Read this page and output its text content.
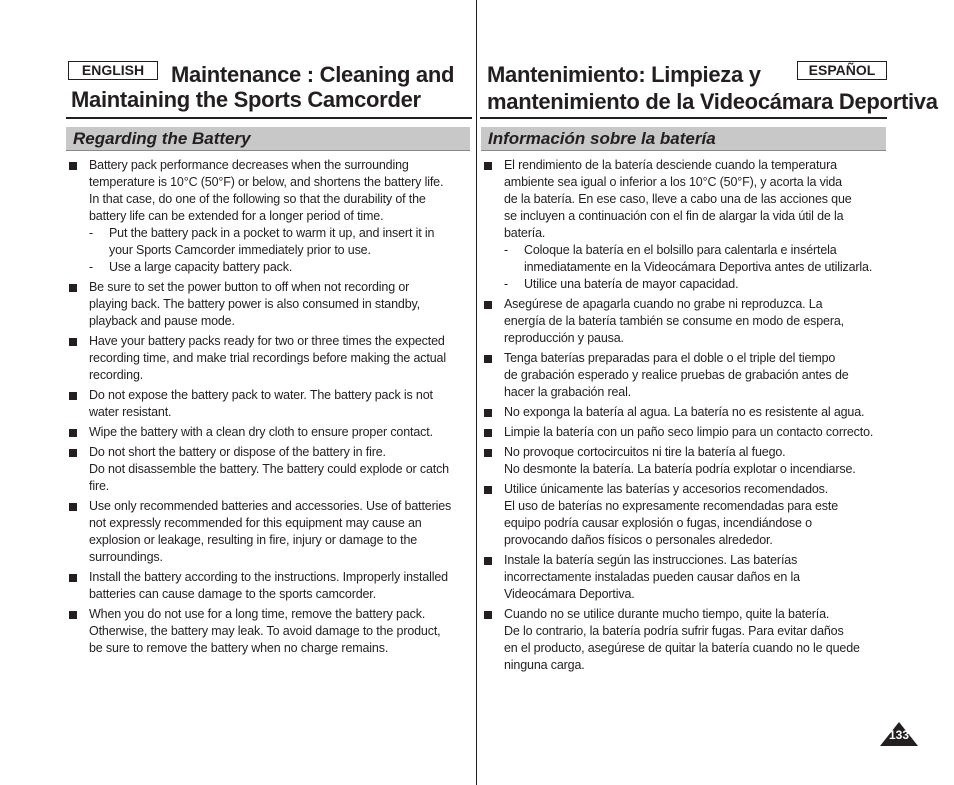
ENGLISH	Maintenance : Cleaning and
Maintaining the Sports Camcorder
Regarding the Battery
Battery pack performance decreases when the surrounding
temperature is 10°C (50°F) or below, and shortens the battery life.
In that case, do one of the following so that the durability of the
battery life can be extended for a longer period of time.
- Put the battery pack in a pocket to warm it up, and insert it in
your Sports Camcorder immediately prior to use.
- Use a large capacity battery pack.
Be sure to set the power button to off when not recording or
playing back. The battery power is also consumed in standby,
playback and pause mode.
Have your battery packs ready for two or three times the expected
recording time, and make trial recordings before making the actual
recording.
Do not expose the battery pack to water. The battery pack is not
water resistant.
Wipe the battery with a clean dry cloth to ensure proper contact.
Do not short the battery or dispose of the battery in fire.
Do not disassemble the battery. The battery could explode or catch
fire.
Use only recommended batteries and accessories. Use of batteries
not expressly recommended for this equipment may cause an
explosion or leakage, resulting in fire, injury or damage to the
surroundings.
Install the battery according to the instructions. Improperly installed
batteries can cause damage to the sports camcorder.
When you do not use for a long time, remove the battery pack.
Otherwise, the battery may leak. To avoid damage to the product,
be sure to remove the battery when no charge remains.
Mantenimiento: Limpieza y	ESPAÑOL
mantenimiento de la Videocámara Deportiva
Información sobre la batería
El rendimiento de la batería desciende cuando la temperatura
ambiente sea igual o inferior a los 10°C (50°F), y acorta la vida
de la batería. En ese caso, lleve a cabo una de las acciones que
se incluyen a continuación con el fin de alargar la vida útil de la
batería.
- Coloque la batería en el bolsillo para calentarla e insértela
inmediatamente en la Videocámara Deportiva antes de utilizarla.
- Utilice una batería de mayor capacidad.
Asegúrese de apagarla cuando no grabe ni reproduzca. La
energía de la batería también se consume en modo de espera,
reproducción y pausa.
Tenga baterías preparadas para el doble o el triple del tiempo
de grabación esperado y realice pruebas de grabación antes de
hacer la grabación real.
No exponga la batería al agua. La batería no es resistente al agua.
Limpie la batería con un paño seco limpio para un contacto correcto.
No provoque cortocircuitos ni tire la batería al fuego.
No desmonte la batería. La batería podría explotar o incendiarse.
Utilice únicamente las baterías y accesorios recomendados.
El uso de baterías no expresamente recomendadas para este
equipo podría causar explosión o fugas, incendiándose o
provocando daños físicos o personales alrededor.
Instale la batería según las instrucciones. Las baterías
incorrectamente instaladas pueden causar daños en la
Videocámara Deportiva.
Cuando no se utilice durante mucho tiempo, quite la batería.
De lo contrario, la batería podría sufrir fugas. Para evitar daños
en el producto, asegúrese de quitar la batería cuando no le quede
ninguna carga.
133
